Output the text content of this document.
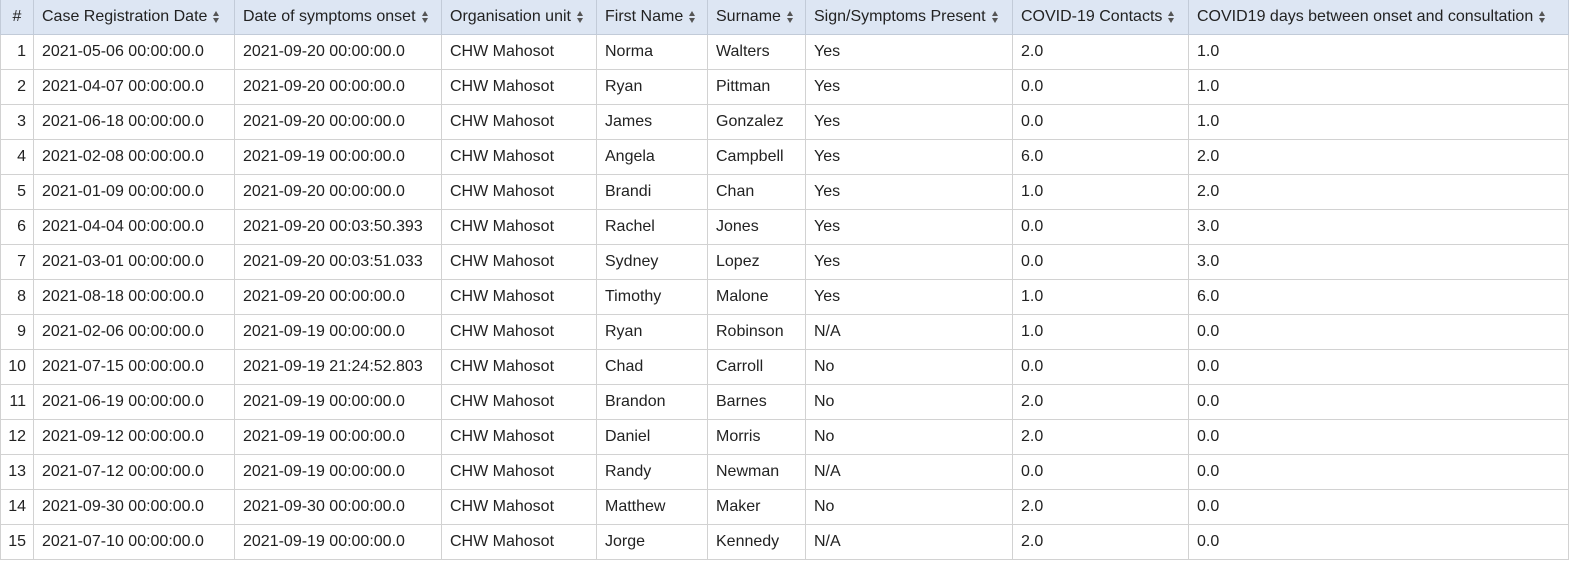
#	Case Registration Date	Date of symptoms onset	Organisation unit	First Name	Surname	Sign/Symptoms Present	COVID-19 Contacts	COVID19 days between onset and consultation
1	2021-05-06 00:00:00.0	2021-09-20 00:00:00.0	CHW Mahosot	Norma	Walters	Yes	2.0	1.0
2	2021-04-07 00:00:00.0	2021-09-20 00:00:00.0	CHW Mahosot	Ryan	Pittman	Yes	0.0	1.0
3	2021-06-18 00:00:00.0	2021-09-20 00:00:00.0	CHW Mahosot	James	Gonzalez	Yes	0.0	1.0
4	2021-02-08 00:00:00.0	2021-09-19 00:00:00.0	CHW Mahosot	Angela	Campbell	Yes	6.0	2.0
5	2021-01-09 00:00:00.0	2021-09-20 00:00:00.0	CHW Mahosot	Brandi	Chan	Yes	1.0	2.0
6	2021-04-04 00:00:00.0	2021-09-20 00:03:50.393	CHW Mahosot	Rachel	Jones	Yes	0.0	3.0
7	2021-03-01 00:00:00.0	2021-09-20 00:03:51.033	CHW Mahosot	Sydney	Lopez	Yes	0.0	3.0
8	2021-08-18 00:00:00.0	2021-09-20 00:00:00.0	CHW Mahosot	Timothy	Malone	Yes	1.0	6.0
9	2021-02-06 00:00:00.0	2021-09-19 00:00:00.0	CHW Mahosot	Ryan	Robinson	N/A	1.0	0.0
10	2021-07-15 00:00:00.0	2021-09-19 21:24:52.803	CHW Mahosot	Chad	Carroll	No	0.0	0.0
11	2021-06-19 00:00:00.0	2021-09-19 00:00:00.0	CHW Mahosot	Brandon	Barnes	No	2.0	0.0
12	2021-09-12 00:00:00.0	2021-09-19 00:00:00.0	CHW Mahosot	Daniel	Morris	No	2.0	0.0
13	2021-07-12 00:00:00.0	2021-09-19 00:00:00.0	CHW Mahosot	Randy	Newman	N/A	0.0	0.0
14	2021-09-30 00:00:00.0	2021-09-30 00:00:00.0	CHW Mahosot	Matthew	Maker	No	2.0	0.0
15	2021-07-10 00:00:00.0	2021-09-19 00:00:00.0	CHW Mahosot	Jorge	Kennedy	N/A	2.0	0.0
